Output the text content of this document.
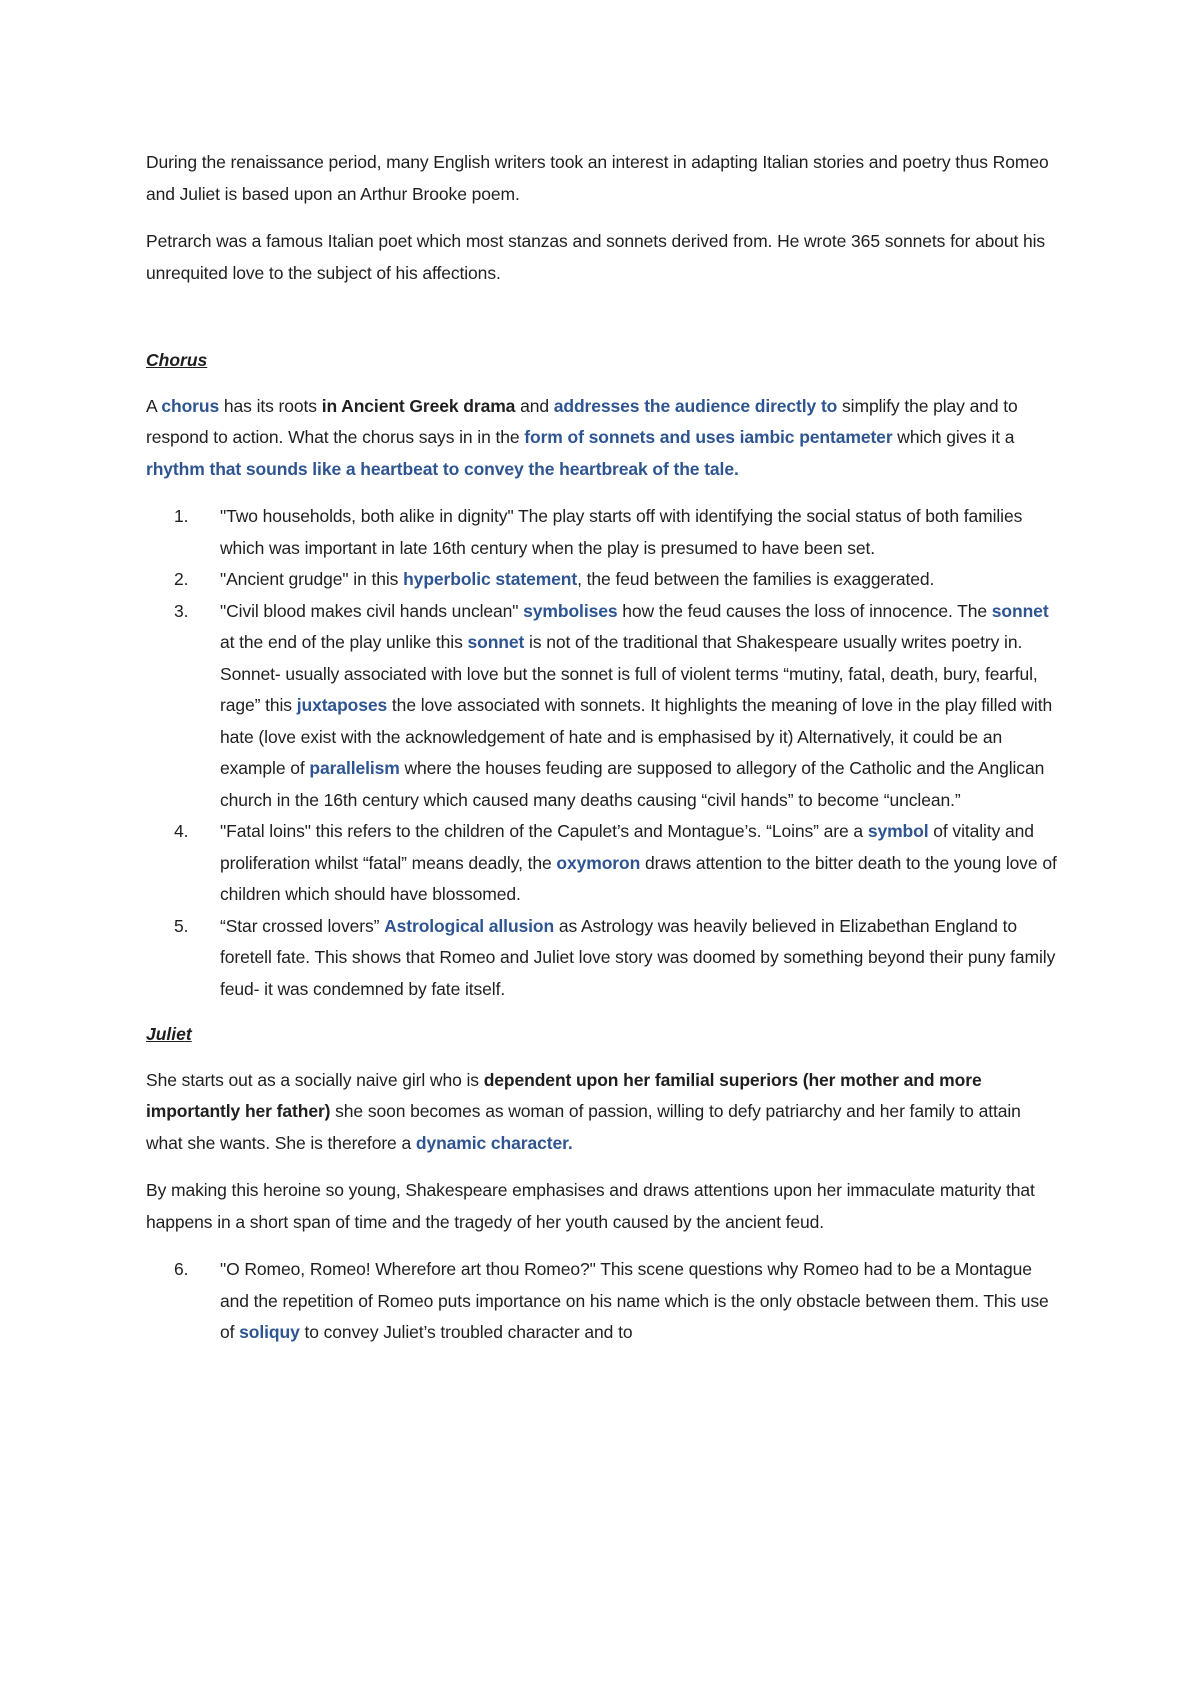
During the renaissance period, many English writers took an interest in adapting Italian stories and poetry thus Romeo and Juliet is based upon an Arthur Brooke poem.

Petrarch was a famous Italian poet which most stanzas and sonnets derived from. He wrote 365 sonnets for about his unrequited love to the subject of his affections.

Chorus

A chorus has its roots in Ancient Greek drama and addresses the audience directly to simplify the play and to respond to action. What the chorus says in in the form of sonnets and uses iambic pentameter which gives it a rhythm that sounds like a heartbeat to convey the heartbreak of the tale.

1.	"Two households, both alike in dignity" The play starts off with identifying the social status of both families which was important in late 16th century when the play is presumed to have been set.
2.	"Ancient grudge" in this hyperbolic statement, the feud between the families is exaggerated.
3.	"Civil blood makes civil hands unclean" symbolises how the feud causes the loss of innocence. The sonnet at the end of the play unlike this sonnet is not of the traditional that Shakespeare usually writes poetry in. Sonnet- usually associated with love but the sonnet is full of violent terms “mutiny, fatal, death, bury, fearful, rage” this juxtaposes the love associated with sonnets. It highlights the meaning of love in the play filled with hate (love exist with the acknowledgement of hate and is emphasised by it) Alternatively, it could be an example of parallelism where the houses feuding are supposed to allegory of the Catholic and the Anglican church in the 16th century which caused many deaths causing “civil hands” to become “unclean.”
4.	"Fatal loins" this refers to the children of the Capulet’s and Montague’s. “Loins” are a symbol of vitality and proliferation whilst “fatal” means deadly, the oxymoron draws attention to the bitter death to the young love of children which should have blossomed.
5.	“Star crossed lovers” Astrological allusion as Astrology was heavily believed in Elizabethan England to foretell fate. This shows that Romeo and Juliet love story was doomed by something beyond their puny family feud- it was condemned by fate itself.
Juliet

She starts out as a socially naive girl who is dependent upon her familial superiors (her mother and more importantly her father) she soon becomes as woman of passion, willing to defy patriarchy and her family to attain what she wants. She is therefore a dynamic character.

By making this heroine so young, Shakespeare emphasises and draws attentions upon her immaculate maturity that happens in a short span of time and the tragedy of her youth caused by the ancient feud.

6.	"O Romeo, Romeo! Wherefore art thou Romeo?" This scene questions why Romeo had to be a Montague and the repetition of Romeo puts importance on his name which is the only obstacle between them. This use of soliquy to convey Juliet’s troubled character and to
